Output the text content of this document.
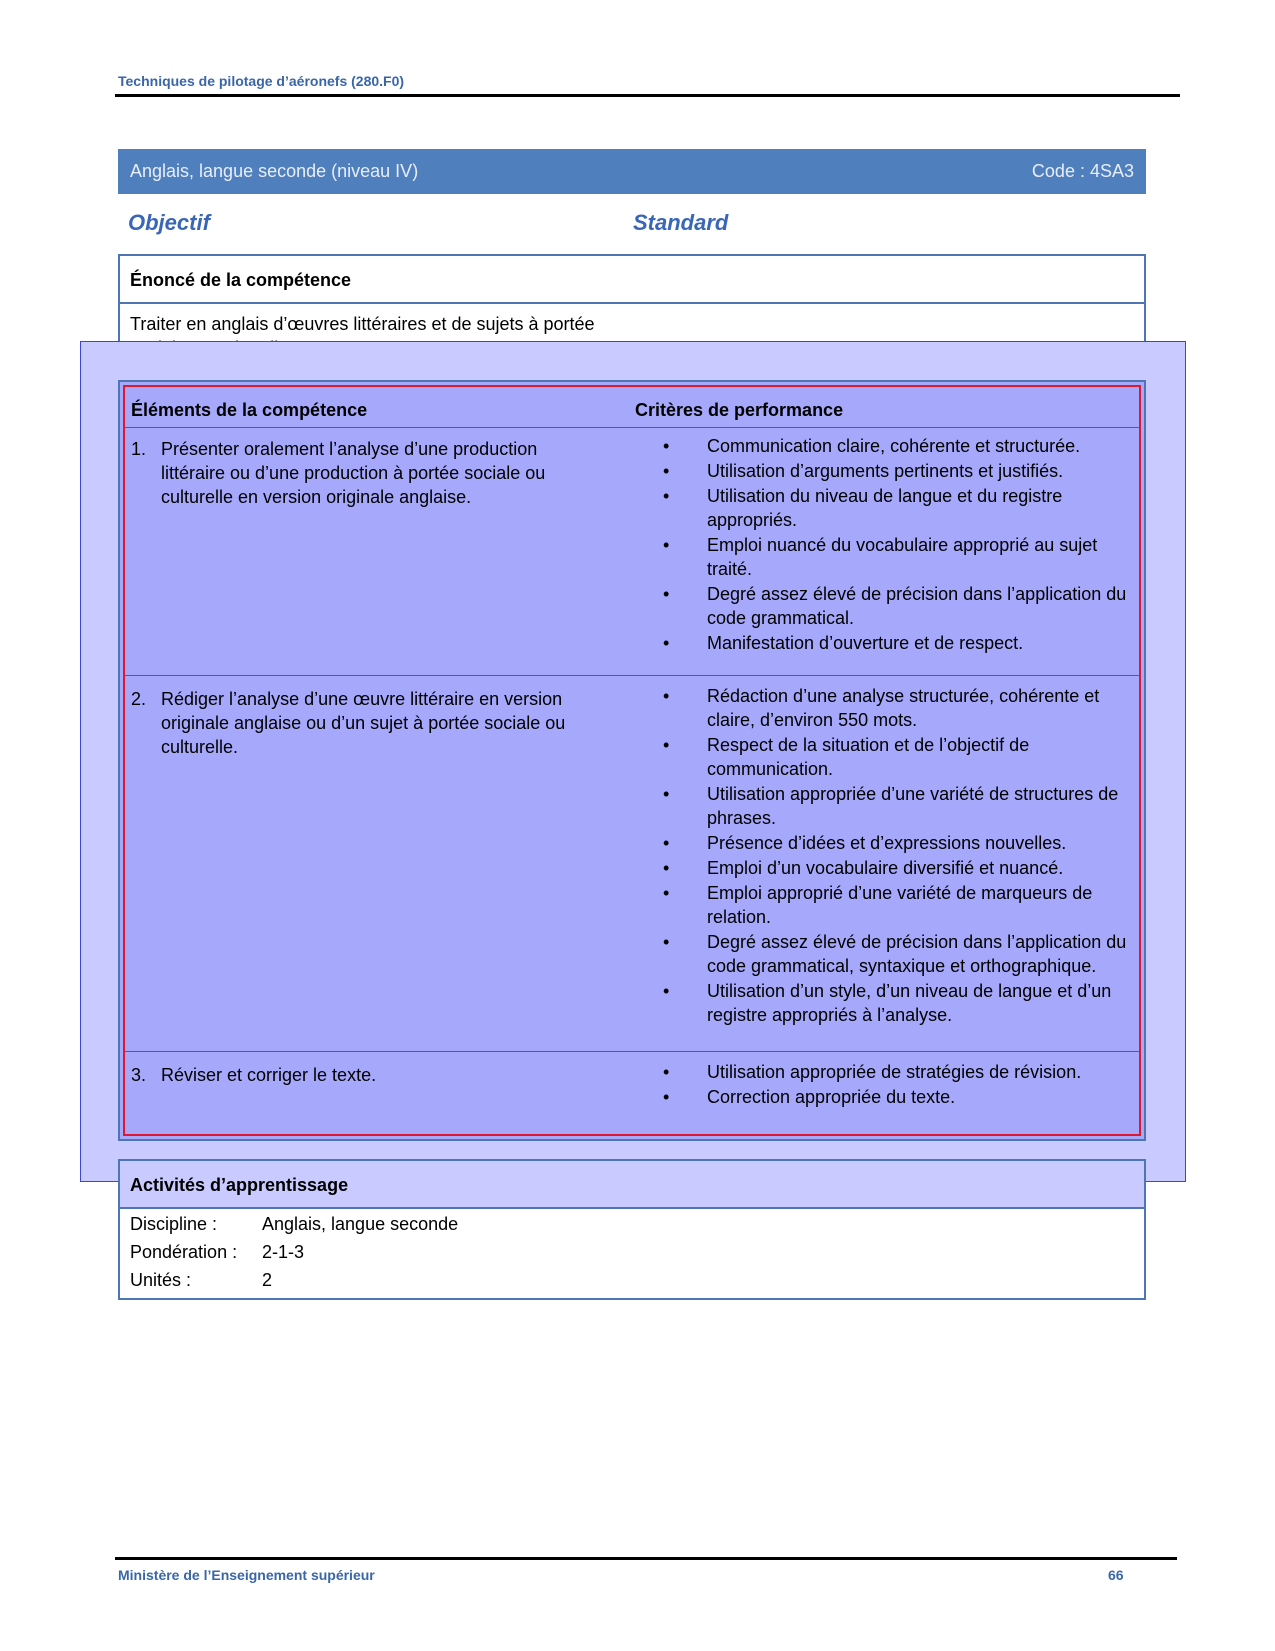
Techniques de pilotage d’aéronefs (280.F0)
Anglais, langue seconde (niveau IV)	Code : 4SA3
Objectif	Standard
Énoncé de la compétence
Traiter en anglais d’œuvres littéraires et de sujets à portée
Éléments de la compétence	Critères de performance
1. Présenter oralement l’analyse d’une production littéraire ou d’une production à portée sociale ou culturelle en version originale anglaise.
• Communication claire, cohérente et structurée.
• Utilisation d’arguments pertinents et justifiés.
• Utilisation du niveau de langue et du registre appropriés.
• Emploi nuancé du vocabulaire approprié au sujet traité.
• Degré assez élevé de précision dans l’application du code grammatical.
• Manifestation d’ouverture et de respect.
2. Rédiger l’analyse d’une œuvre littéraire en version originale anglaise ou d’un sujet à portée sociale ou culturelle.
• Rédaction d’une analyse structurée, cohérente et claire, d’environ 550 mots.
• Respect de la situation et de l’objectif de communication.
• Utilisation appropriée d’une variété de structures de phrases.
• Présence d’idées et d’expressions nouvelles.
• Emploi d’un vocabulaire diversifié et nuancé.
• Emploi approprié d’une variété de marqueurs de relation.
• Degré assez élevé de précision dans l’application du code grammatical, syntaxique et orthographique.
• Utilisation d’un style, d’un niveau de langue et d’un registre appropriés à l’analyse.
3. Réviser et corriger le texte.
•	Utilisation appropriée de stratégies de révision.
• Correction appropriée du texte.
Activités d’apprentissage
Discipline : Anglais, langue seconde
Pondération : 2-1-3
Unités :	2
Ministère de l’Enseignement supérieur	66
